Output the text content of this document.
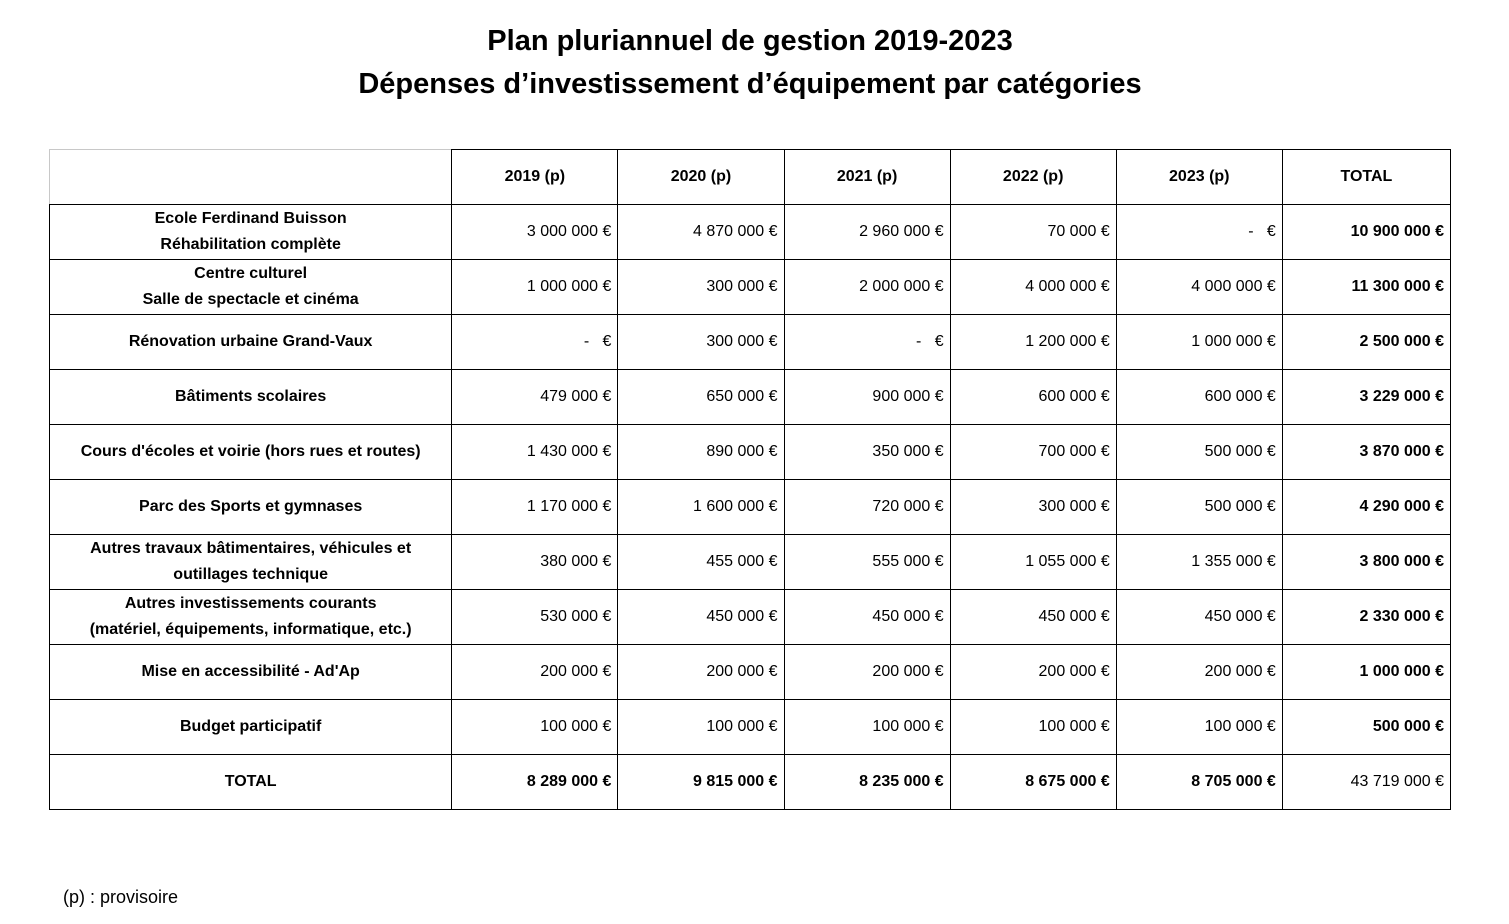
Plan pluriannuel de gestion 2019-2023
Dépenses d’investissement d’équipement par catégories
	2019 (p)	2020 (p)	2021 (p)	2022 (p)	2023 (p)	TOTAL

Ecole Ferdinand Buisson
Réhabilitation complète	3 000 000 €	4 870 000 €	2 960 000 €	70 000 €	-   €	10 900 000 €

Centre culturel
Salle de spectacle et cinéma	1 000 000 €	300 000 €	2 000 000 €	4 000 000 €	4 000 000 €	11 300 000 €

Rénovation urbaine Grand-Vaux	-   €	300 000 €	-   €	1 200 000 €	1 000 000 €	2 500 000 €

Bâtiments scolaires	479 000 €	650 000 €	900 000 €	600 000 €	600 000 €	3 229 000 €

Cours d'écoles et voirie (hors rues et routes)	1 430 000 €	890 000 €	350 000 €	700 000 €	500 000 €	3 870 000 €

Parc des Sports et gymnases	1 170 000 €	1 600 000 €	720 000 €	300 000 €	500 000 €	4 290 000 €

Autres travaux bâtimentaires, véhicules et
outillages technique	380 000 €	455 000 €	555 000 €	1 055 000 €	1 355 000 €	3 800 000 €

Autres investissements courants
(matériel, équipements, informatique, etc.)	530 000 €	450 000 €	450 000 €	450 000 €	450 000 €	2 330 000 €

Mise en accessibilité - Ad'Ap	200 000 €	200 000 €	200 000 €	200 000 €	200 000 €	1 000 000 €

Budget participatif	100 000 €	100 000 €	100 000 €	100 000 €	100 000 €	500 000 €
TOTAL	8 289 000 €	9 815 000 €	8 235 000 €	8 675 000 €	8 705 000 €	43 719 000 €
(p) : provisoire
